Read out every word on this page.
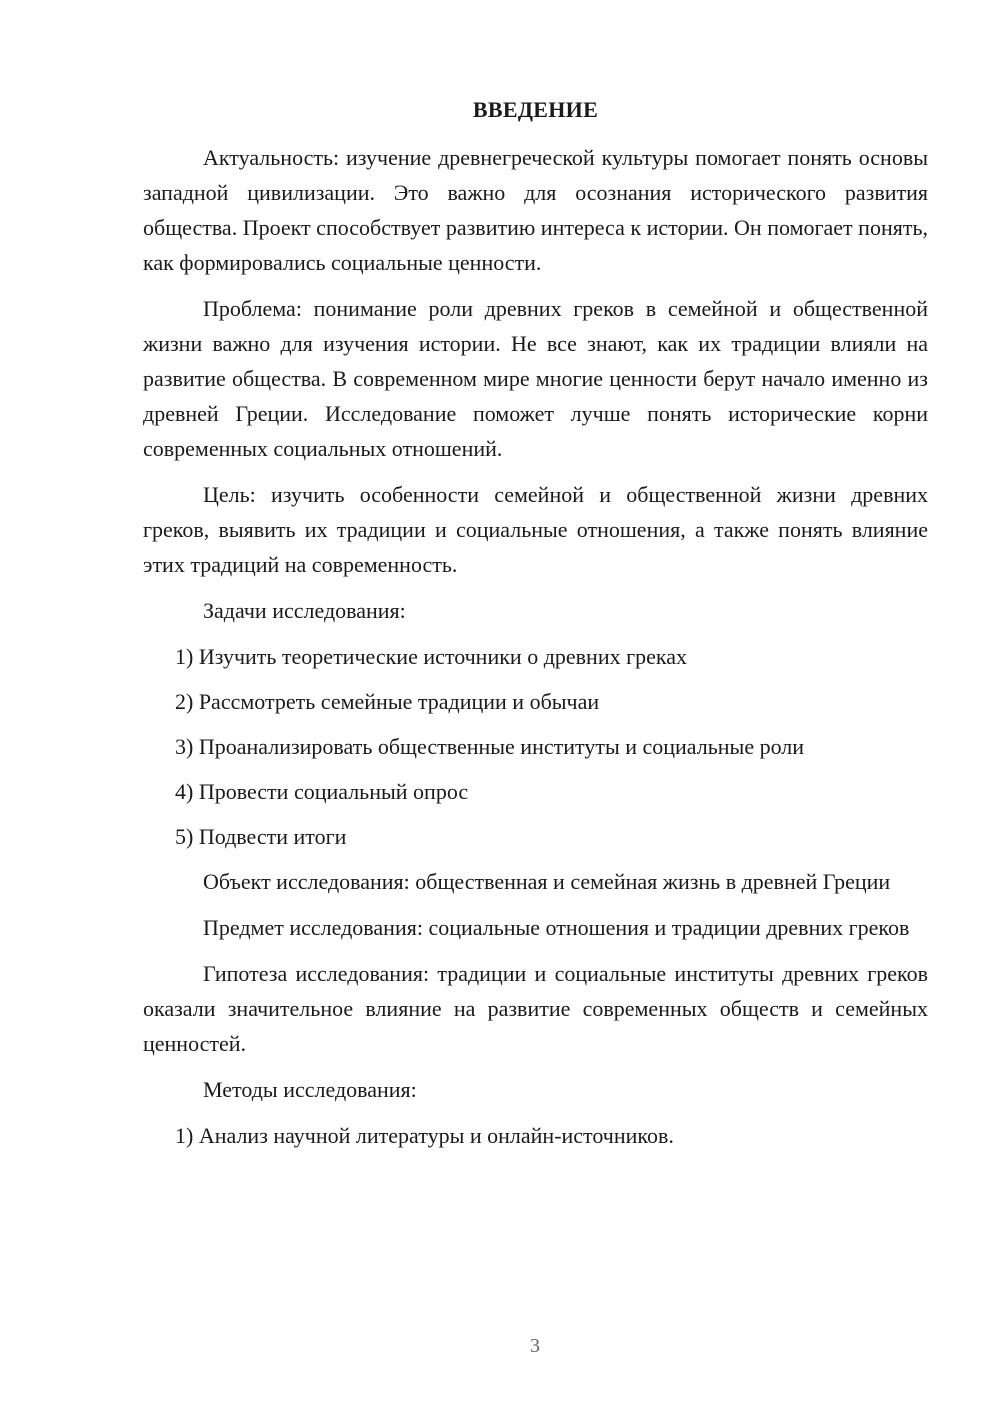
ВВЕДЕНИЕ

Актуальность: изучение древнегреческой культуры помогает понять основы западной цивилизации. Это важно для осознания исторического развития общества. Проект способствует развитию интереса к истории. Он помогает понять, как формировались социальные ценности.

Проблема: понимание роли древних греков в семейной и общественной жизни важно для изучения истории. Не все знают, как их традиции влияли на развитие общества. В современном мире многие ценности берут начало именно из древней Греции. Исследование поможет лучше понять исторические корни современных социальных отношений.

Цель: изучить особенности семейной и общественной жизни древних греков, выявить их традиции и социальные отношения, а также понять влияние этих традиций на современность.

Задачи исследования:

1) Изучить теоретические источники о древних греках
2) Рассмотреть семейные традиции и обычаи
3) Проанализировать общественные институты и социальные роли
4) Провести социальный опрос
5) Подвести итоги

Объект исследования: общественная и семейная жизнь в древней Греции

Предмет исследования: социальные отношения и традиции древних греков

Гипотеза исследования: традиции и социальные институты древних греков оказали значительное влияние на развитие современных обществ и семейных ценностей.

Методы исследования:

1) Анализ научной литературы и онлайн-источников.
3
